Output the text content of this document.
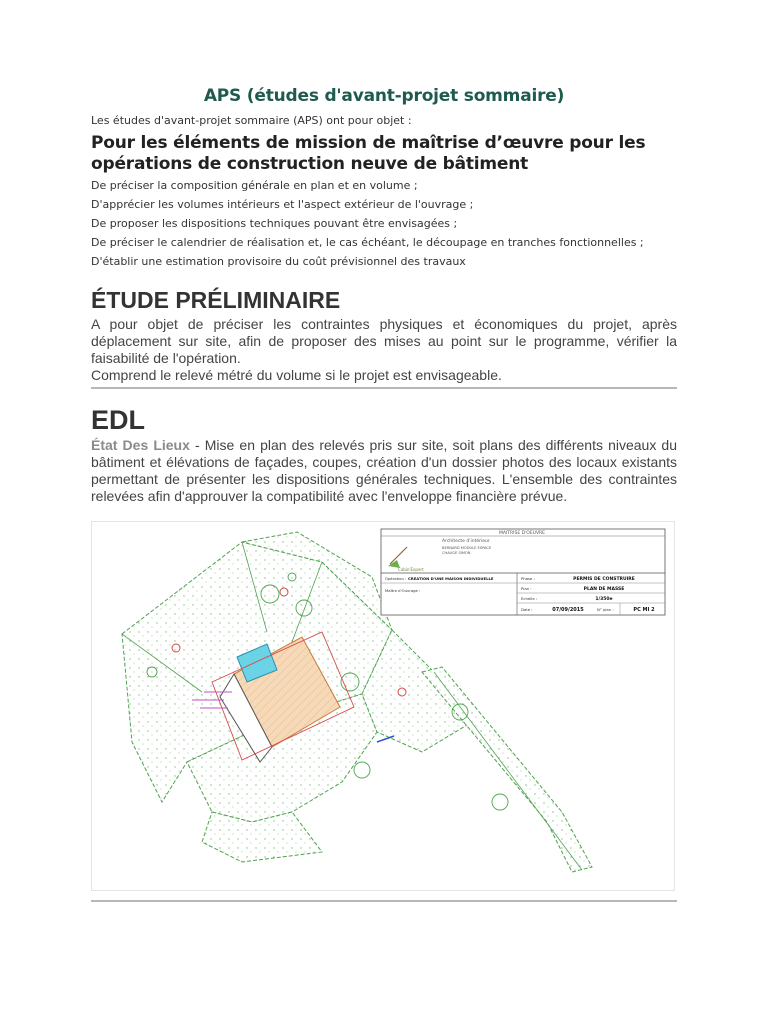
APS (études d'avant-projet sommaire)
Les études d'avant-projet sommaire (APS) ont pour objet :
Pour les éléments de mission de maîtrise d’œuvre pour les opérations de construction neuve de bâtiment
De préciser la composition générale en plan et en volume ;
D'apprécier les volumes intérieurs et l'aspect extérieur de l'ouvrage ;
De proposer les dispositions techniques pouvant être envisagées ;
De préciser le calendrier de réalisation et, le cas échéant, le découpage en tranches fonctionnelles ;
D'établir une estimation provisoire du coût prévisionnel des travaux
ÉTUDE PRÉLIMINAIRE

A pour objet de préciser les contraintes physiques et économiques du projet, après déplacement sur site, afin de proposer des mises au point sur le programme, vérifier la faisabilité de l'opération.

Comprend le relevé métré du volume si le projet est envisageable.

EDL
État Des Lieux - Mise en plan des relevés pris sur site, soit plans des différents niveaux du bâtiment et élévations de façades, coupes, création d'un dossier photos des locaux existants permettant de présenter les dispositions générales techniques. L'ensemble des contraintes relevées afin d'approuver la compatibilité avec l'enveloppe financière prévue.
MAITRISE D'OEUVRE
Architecte d'intérieur
Cabin'Expert
BERNARD MODULE ESPACE
CHAUGE SIMON
Opération : CREATION D'UNE MAISON INDIVIDUELLE
Maître d'Ouvrage :
Phase :	PERMIS DE CONSTRUIRE
Plan :	PLAN DE MASSE
Echelle :	1/350e
Date :	07/09/2015	N° plan :	PC MI 2
